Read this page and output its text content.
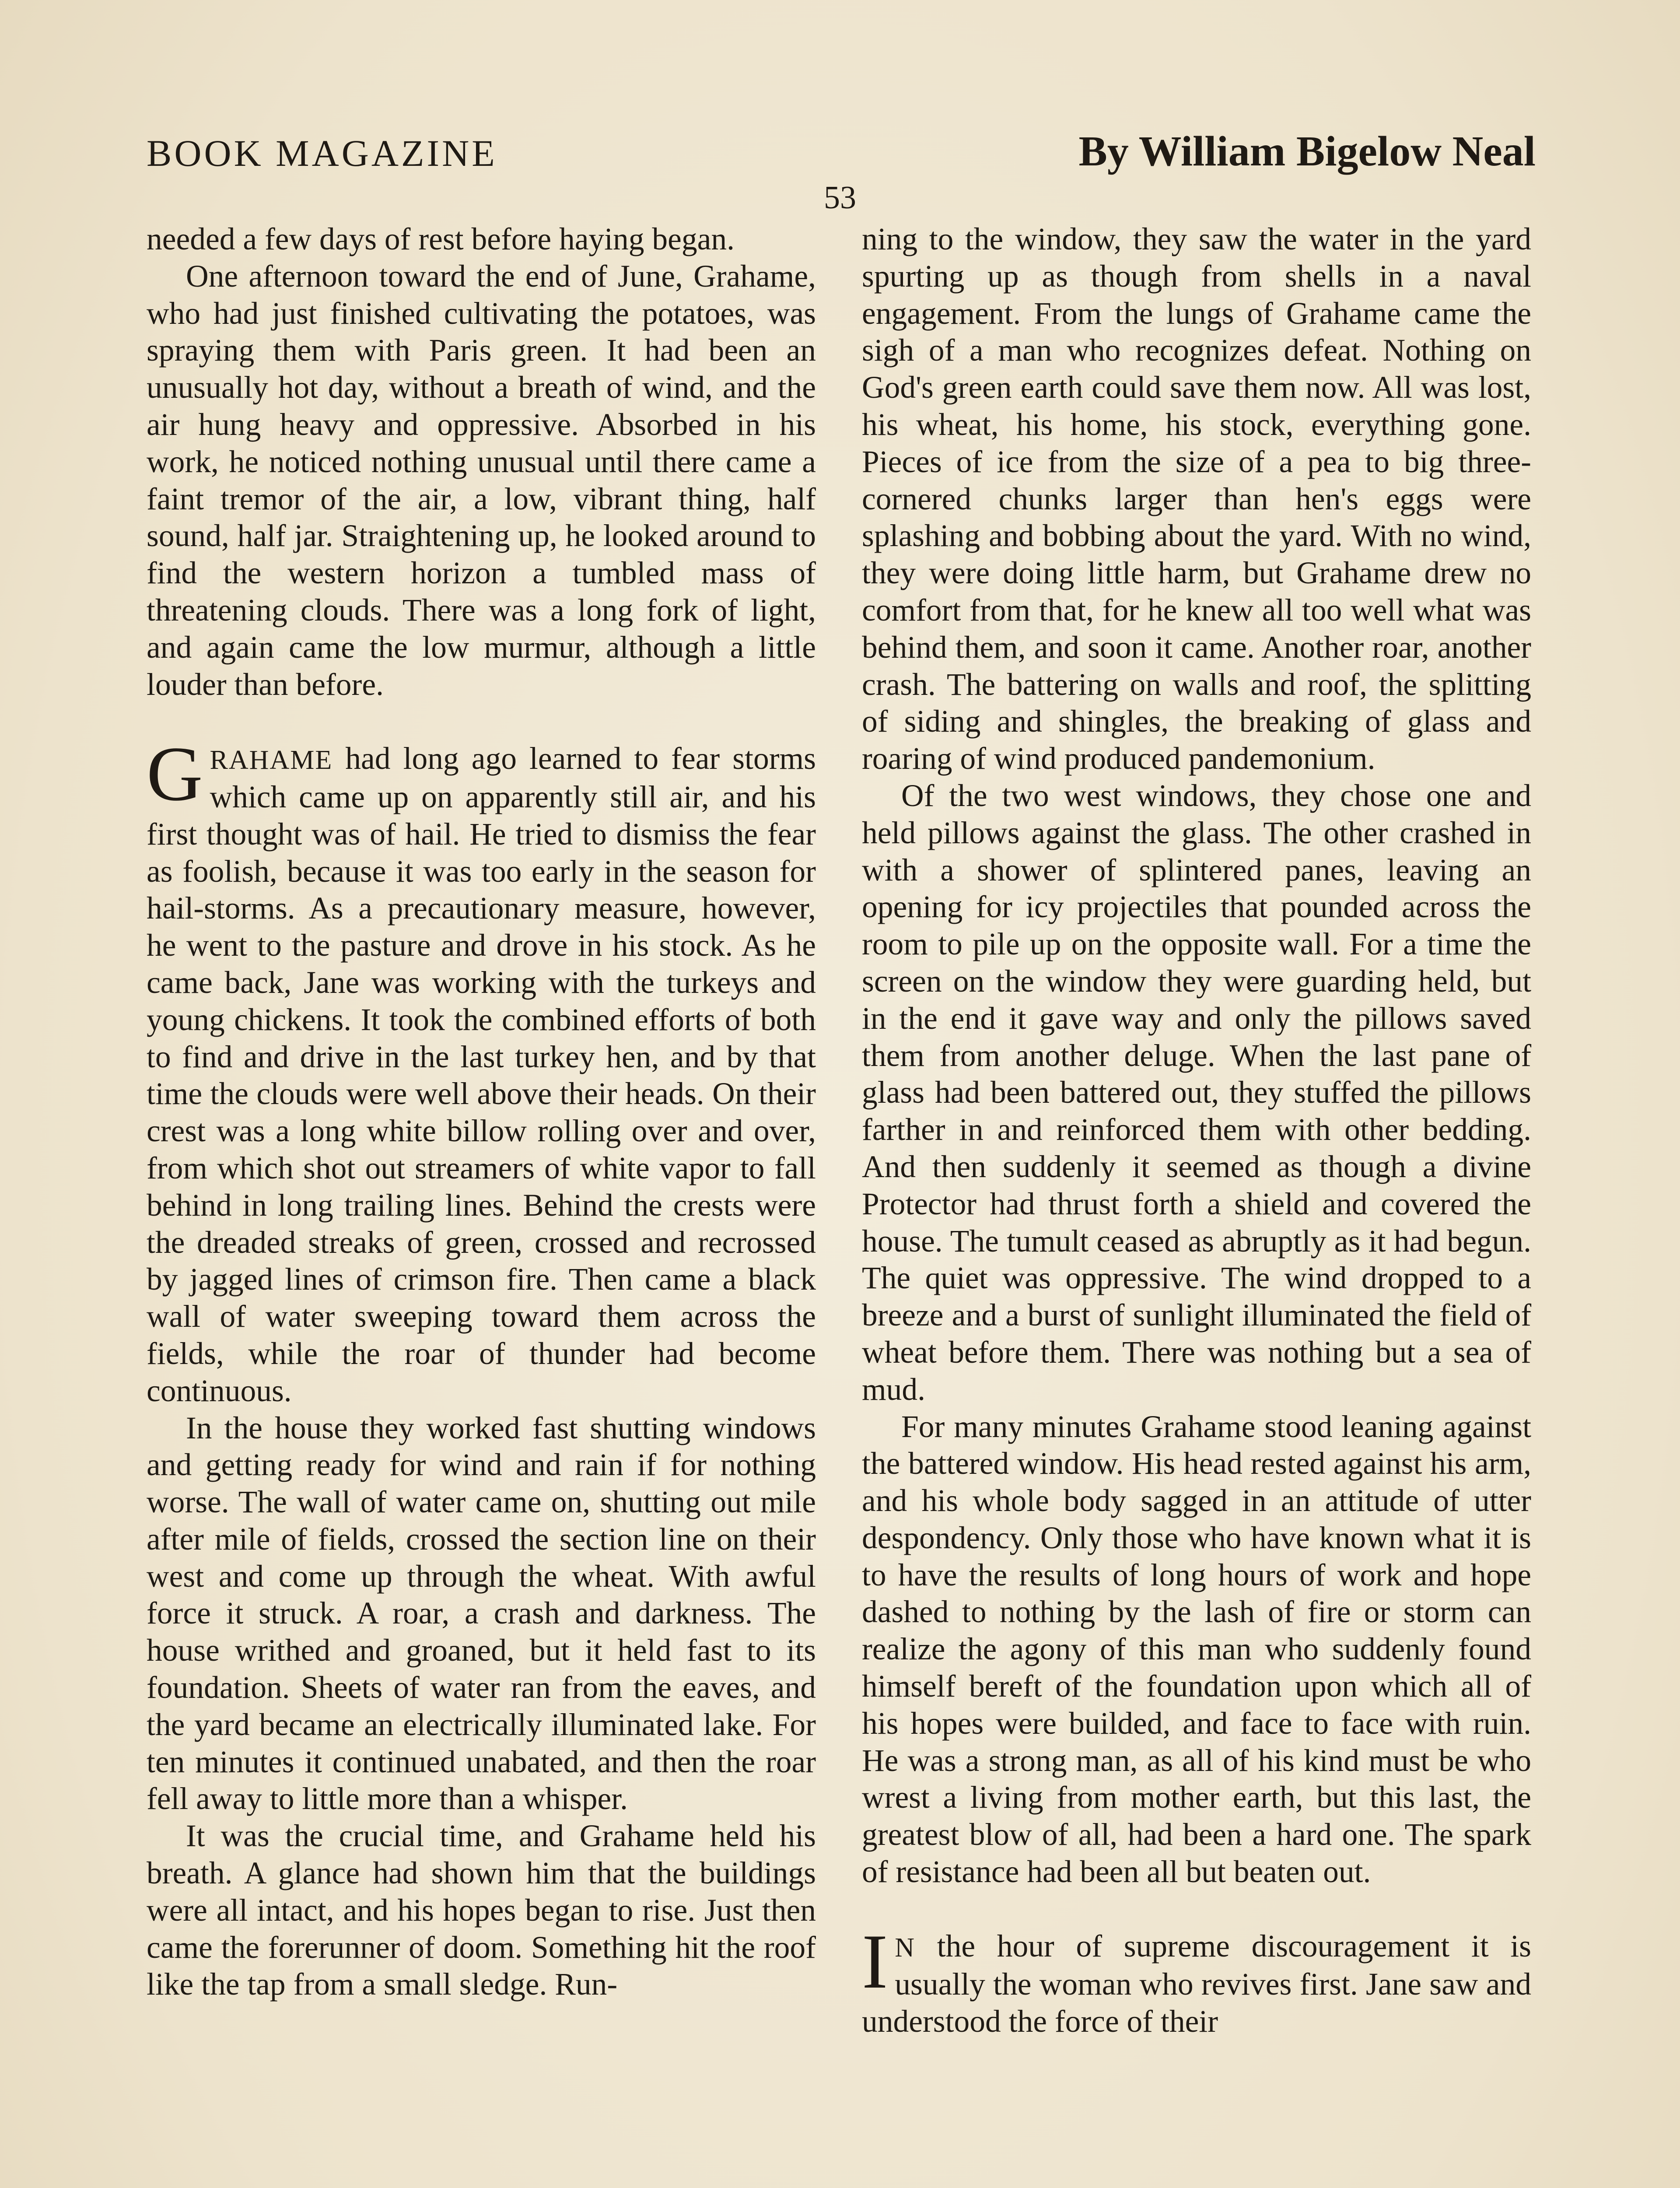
BOOK MAGAZINE	By William Bigelow Neal
53

needed a few days of rest before haying began.

One afternoon toward the end of June, Grahame, who had just finished cultivating the potatoes, was spraying them with Paris green. It had been an unusually hot day, without a breath of wind, and the air hung heavy and oppressive. Absorbed in his work, he noticed nothing unusual until there came a faint tremor of the air, a low, vibrant thing, half sound, half jar. Straightening up, he looked around to find the western horizon a tumbled mass of threatening clouds. There was a long fork of light, and again came the low murmur, although a little louder than before.

GRAHAME had long ago learned to fear storms which came up on apparently still air, and his first thought was of hail. He tried to dismiss the fear as foolish, because it was too early in the season for hail-storms. As a precautionary measure, however, he went to the pasture and drove in his stock. As he came back, Jane was working with the turkeys and young chickens. It took the combined efforts of both to find and drive in the last turkey hen, and by that time the clouds were well above their heads. On their crest was a long white billow rolling over and over, from which shot out streamers of white vapor to fall behind in long trailing lines. Behind the crests were the dreaded streaks of green, crossed and recrossed by jagged lines of crimson fire. Then came a black wall of water sweeping toward them across the fields, while the roar of thunder had become continuous.

In the house they worked fast shutting windows and getting ready for wind and rain if for nothing worse. The wall of water came on, shutting out mile after mile of fields, crossed the section line on their west and come up through the wheat. With awful force it struck. A roar, a crash and darkness. The house writhed and groaned, but it held fast to its foundation. Sheets of water ran from the eaves, and the yard became an electrically illuminated lake. For ten minutes it continued unabated, and then the roar fell away to little more than a whisper.

It was the crucial time, and Grahame held his breath. A glance had shown him that the buildings were all intact, and his hopes began to rise. Just then came the forerunner of doom. Something hit the roof like the tap from a small sledge. Run-

ning to the window, they saw the water in the yard spurting up as though from shells in a naval engagement. From the lungs of Grahame came the sigh of a man who recognizes defeat. Nothing on God's green earth could save them now. All was lost, his wheat, his home, his stock, everything gone. Pieces of ice from the size of a pea to big three-cornered chunks larger than hen's eggs were splashing and bobbing about the yard. With no wind, they were doing little harm, but Grahame drew no comfort from that, for he knew all too well what was behind them, and soon it came. Another roar, another crash. The battering on walls and roof, the splitting of siding and shingles, the breaking of glass and roaring of wind produced pandemonium.

Of the two west windows, they chose one and held pillows against the glass. The other crashed in with a shower of splintered panes, leaving an opening for icy projectiles that pounded across the room to pile up on the opposite wall. For a time the screen on the window they were guarding held, but in the end it gave way and only the pillows saved them from another deluge. When the last pane of glass had been battered out, they stuffed the pillows farther in and reinforced them with other bedding. And then suddenly it seemed as though a divine Protector had thrust forth a shield and covered the house. The tumult ceased as abruptly as it had begun. The quiet was oppressive. The wind dropped to a breeze and a burst of sunlight illuminated the field of wheat before them. There was nothing but a sea of mud.

For many minutes Grahame stood leaning against the battered window. His head rested against his arm, and his whole body sagged in an attitude of utter despondency. Only those who have known what it is to have the results of long hours of work and hope dashed to nothing by the lash of fire or storm can realize the agony of this man who suddenly found himself bereft of the foundation upon which all of his hopes were builded, and face to face with ruin. He was a strong man, as all of his kind must be who wrest a living from mother earth, but this last, the greatest blow of all, had been a hard one. The spark of resistance had been all but beaten out.

I N the hour of supreme discouragement it is usually the woman who revives first. Jane saw and understood the force of their
